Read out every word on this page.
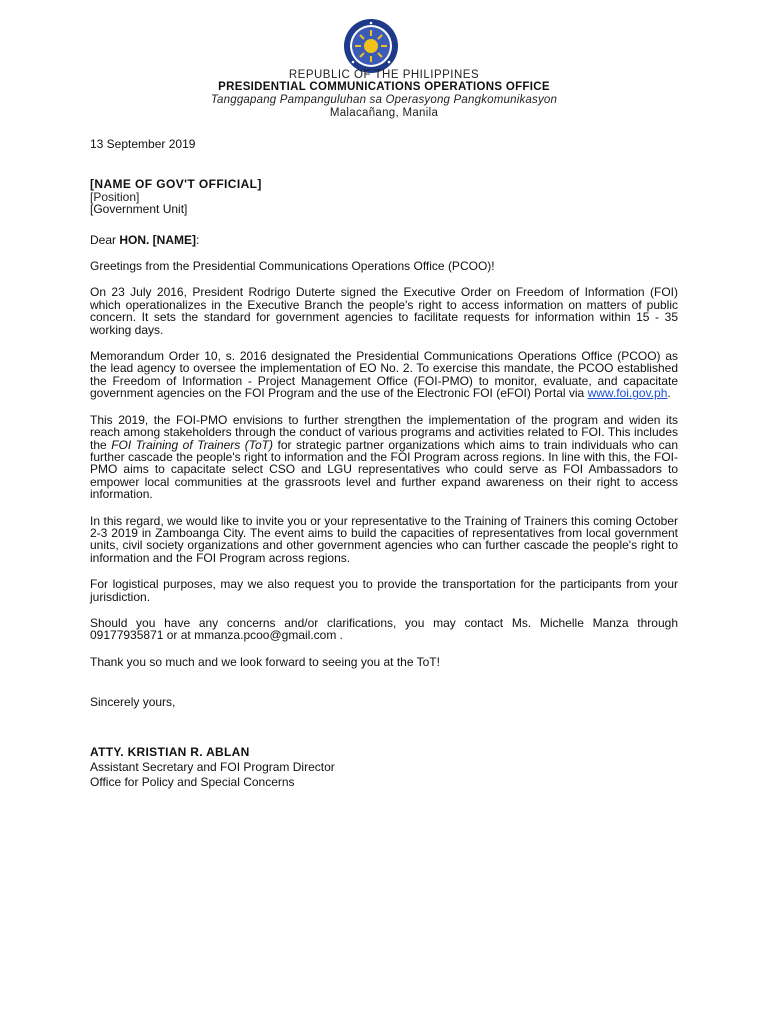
REPUBLIC OF THE PHILIPPINES
PRESIDENTIAL COMMUNICATIONS OPERATIONS OFFICE
Tanggapang Pampanguluhan sa Operasyong Pangkomunikasyon
Malacañang, Manila
13 September 2019
[NAME OF GOV'T OFFICIAL]
[Position]
[Government Unit]
Dear HON. [NAME]:

Greetings from the Presidential Communications Operations Office (PCOO)!

On 23 July 2016, President Rodrigo Duterte signed the Executive Order on Freedom of Information (FOI) which operationalizes in the Executive Branch the people's right to access information on matters of public concern. It sets the standard for government agencies to facilitate requests for information within 15 - 35 working days.

Memorandum Order 10, s. 2016 designated the Presidential Communications Operations Office (PCOO) as the lead agency to oversee the implementation of EO No. 2. To exercise this mandate, the PCOO established the Freedom of Information - Project Management Office (FOI-PMO) to monitor, evaluate, and capacitate government agencies on the FOI Program and the use of the Electronic FOI (eFOI) Portal via www.foi.gov.ph.

This 2019, the FOI-PMO envisions to further strengthen the implementation of the program and widen its reach among stakeholders through the conduct of various programs and activities related to FOI. This includes the FOI Training of Trainers (ToT) for strategic partner organizations which aims to train individuals who can further cascade the people's right to information and the FOI Program across regions. In line with this, the FOI-PMO aims to capacitate select CSO and LGU representatives who could serve as FOI Ambassadors to empower local communities at the grassroots level and further expand awareness on their right to access information.

In this regard, we would like to invite you or your representative to the Training of Trainers this coming October 2-3 2019 in Zamboanga City. The event aims to build the capacities of representatives from local government units, civil society organizations and other government agencies who can further cascade the people's right to information and the FOI Program across regions.

For logistical purposes, may we also request you to provide the transportation for the participants from your jurisdiction.

Should you have any concerns and/or clarifications, you may contact Ms. Michelle Manza through 09177935871 or at mmanza.pcoo@gmail.com .

Thank you so much and we look forward to seeing you at the ToT!

Sincerely yours,
ATTY. KRISTIAN R. ABLAN
Assistant Secretary and FOI Program Director
Office for Policy and Special Concerns
